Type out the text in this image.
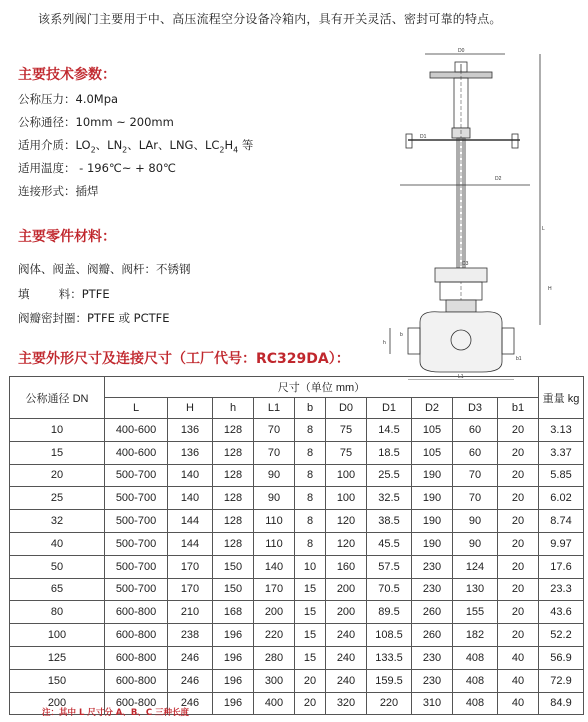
该系列阀门主要用于中、高压流程空分设备冷箱内，具有开关灵活、密封可靠的特点。
主要技术参数：
公称压力：4.0Mpa
公称通径：10mm ~ 200mm
适用介质：$LO_2$、$LN_2$、LAr、LNG、$LC_2H_4$ 等
适用温度： - 196℃~ + 80℃
连接形式：插焊
主要零件材料：
阀体、阀盖、阀瓣、阀杆：不锈钢
填        料：PTFE
阀瓣密封圈：PTFE 或 PCTFE
主要外形尺寸及连接尺寸（工厂代号：RC329DA）：
D0
D1
D2
D3
L
L1
H
b
h
b1
公称通径 DN	尺寸（单位 mm）										重量 kg
	L	H	h	L1	b	D0	D1	D2	D3	b1	
10	400-600	136	128	70	8	75	14.5	105	60	20	3.13
15	400-600	136	128	70	8	75	18.5	105	60	20	3.37
20	500-700	140	128	90	8	100	25.5	190	70	20	5.85
25	500-700	140	128	90	8	100	32.5	190	70	20	6.02
32	500-700	144	128	110	8	120	38.5	190	90	20	8.74
40	500-700	144	128	110	8	120	45.5	190	90	20	9.97
50	500-700	170	150	140	10	160	57.5	230	124	20	17.6
65	500-700	170	150	170	15	200	70.5	230	130	20	23.3
80	600-800	210	168	200	15	200	89.5	260	155	20	43.6
100	600-800	238	196	220	15	240	108.5	260	182	20	52.2
125	600-800	246	196	280	15	240	133.5	230	408	40	56.9
150	600-800	246	196	300	20	240	159.5	230	408	40	72.9
200	600-800	246	196	400	20	320	220	310	408	40	84.9
注：其中 L 尺寸分 A、B、C 三种长度
